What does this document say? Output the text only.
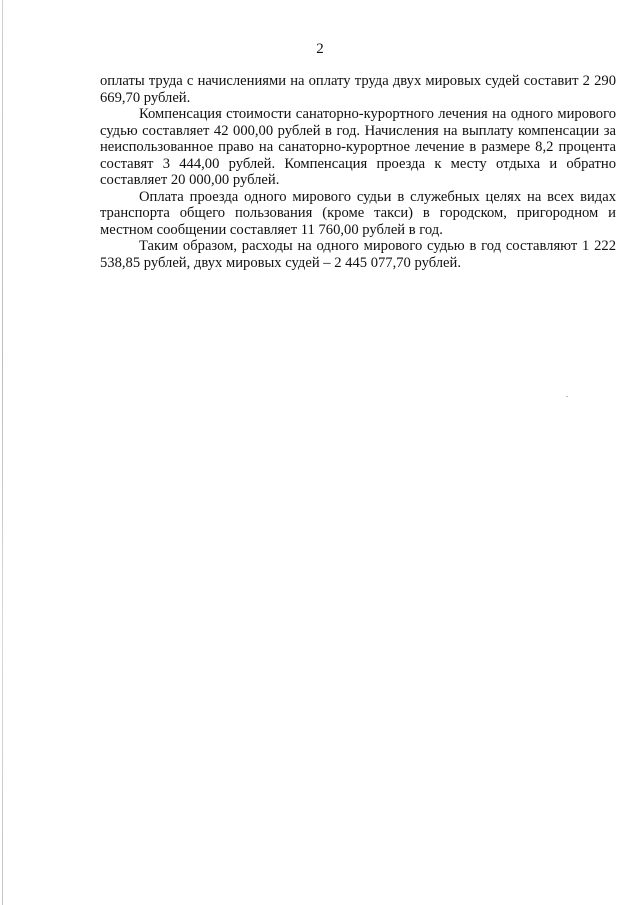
2

оплаты труда с начислениями на оплату труда двух мировых судей составит 2 290 669,70 рублей.

Компенсация стоимости санаторно-курортного лечения на одного мирового судью составляет 42 000,00 рублей в год. Начисления на выплату компенсации за неиспользованное право на санаторно-курортное лечение в размере 8,2 процента составят 3 444,00 рублей. Компенсация проезда к месту отдыха и обратно составляет 20 000,00 рублей.

Оплата проезда одного мирового судьи в служебных целях на всех видах транспорта общего пользования (кроме такси) в городском, пригородном и местном сообщении составляет 11 760,00 рублей в год.

Таким образом, расходы на одного мирового судью в год составляют 1 222 538,85 рублей, двух мировых судей – 2 445 077,70 рублей.
